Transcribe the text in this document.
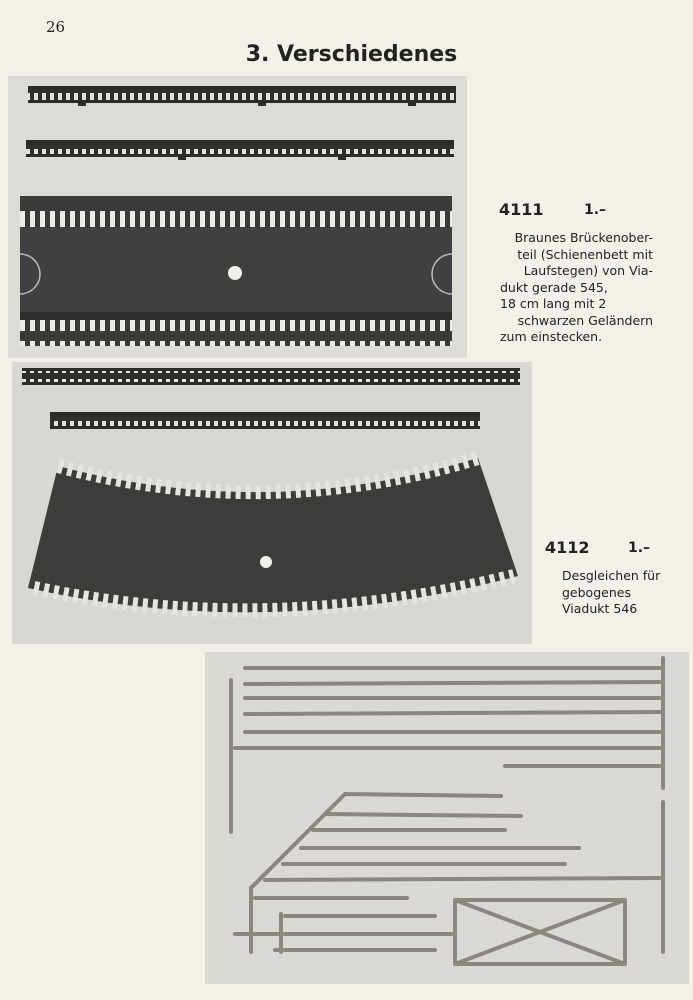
26
3. Verschiedenes
4111	1.–
Braunes Brückenober-
teil (Schienenbett mit
Laufstegen) von Via-
dukt gerade 545,
18 cm lang mit 2
schwarzen Geländern
zum einstecken.
4112	1.–
Desgleichen für
gebogenes
Viadukt 546
